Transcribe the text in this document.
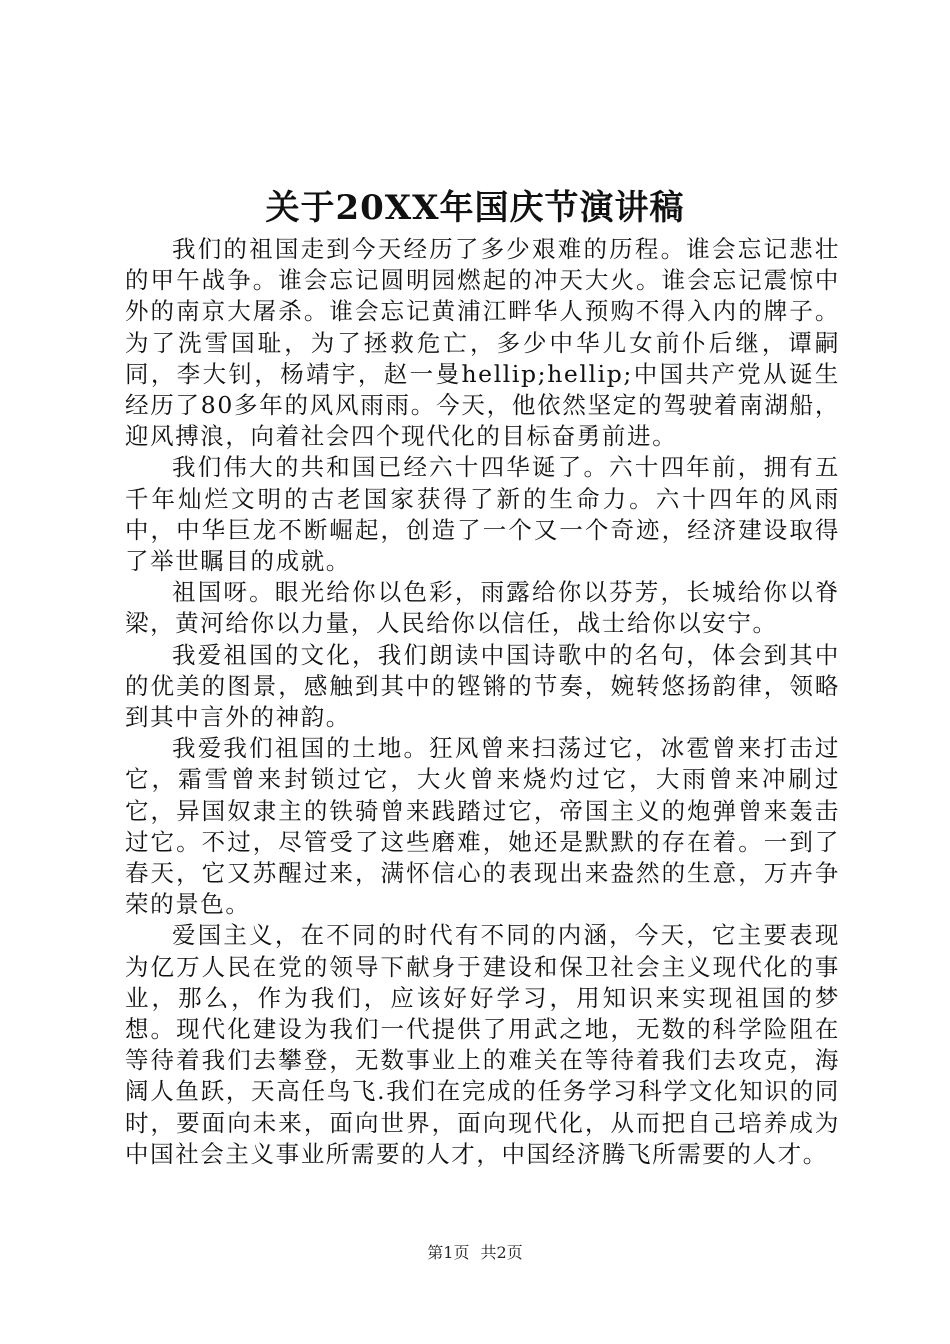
关于20XX年国庆节演讲稿

我们的祖国走到今天经历了多少艰难的历程。谁会忘记悲壮的甲午战争。谁会忘记圆明园燃起的冲天大火。谁会忘记震惊中外的南京大屠杀。谁会忘记黄浦江畔华人预购不得入内的牌子。为了洗雪国耻，为了拯救危亡，多少中华儿女前仆后继，谭嗣同，李大钊，杨靖宇，赵一曼hellip;hellip;中国共产党从诞生经历了80多年的风风雨雨。今天，他依然坚定的驾驶着南湖船，迎风搏浪，向着社会四个现代化的目标奋勇前进。

我们伟大的共和国已经六十四华诞了。六十四年前，拥有五千年灿烂文明的古老国家获得了新的生命力。六十四年的风雨中，中华巨龙不断崛起，创造了一个又一个奇迹，经济建设取得了举世瞩目的成就。

祖国呀。眼光给你以色彩，雨露给你以芬芳，长城给你以脊梁，黄河给你以力量，人民给你以信任，战士给你以安宁。

我爱祖国的文化，我们朗读中国诗歌中的名句，体会到其中的优美的图景，感触到其中的铿锵的节奏，婉转悠扬韵律，领略到其中言外的神韵。

我爱我们祖国的土地。狂风曾来扫荡过它，冰雹曾来打击过它，霜雪曾来封锁过它，大火曾来烧灼过它，大雨曾来冲刷过它，异国奴隶主的铁骑曾来践踏过它，帝国主义的炮弹曾来轰击过它。不过，尽管受了这些磨难，她还是默默的存在着。一到了春天，它又苏醒过来，满怀信心的表现出来盎然的生意，万卉争荣的景色。

爱国主义，在不同的时代有不同的内涵，今天，它主要表现为亿万人民在党的领导下献身于建设和保卫社会主义现代化的事业，那么，作为我们，应该好好学习，用知识来实现祖国的梦想。现代化建设为我们一代提供了用武之地，无数的科学险阻在等待着我们去攀登，无数事业上的难关在等待着我们去攻克，海阔人鱼跃，天高任鸟飞.我们在完成的任务学习科学文化知识的同时，要面向未来，面向世界，面向现代化，从而把自己培养成为中国社会主义事业所需要的人才，中国经济腾飞所需要的人才。

第1页 共2页
